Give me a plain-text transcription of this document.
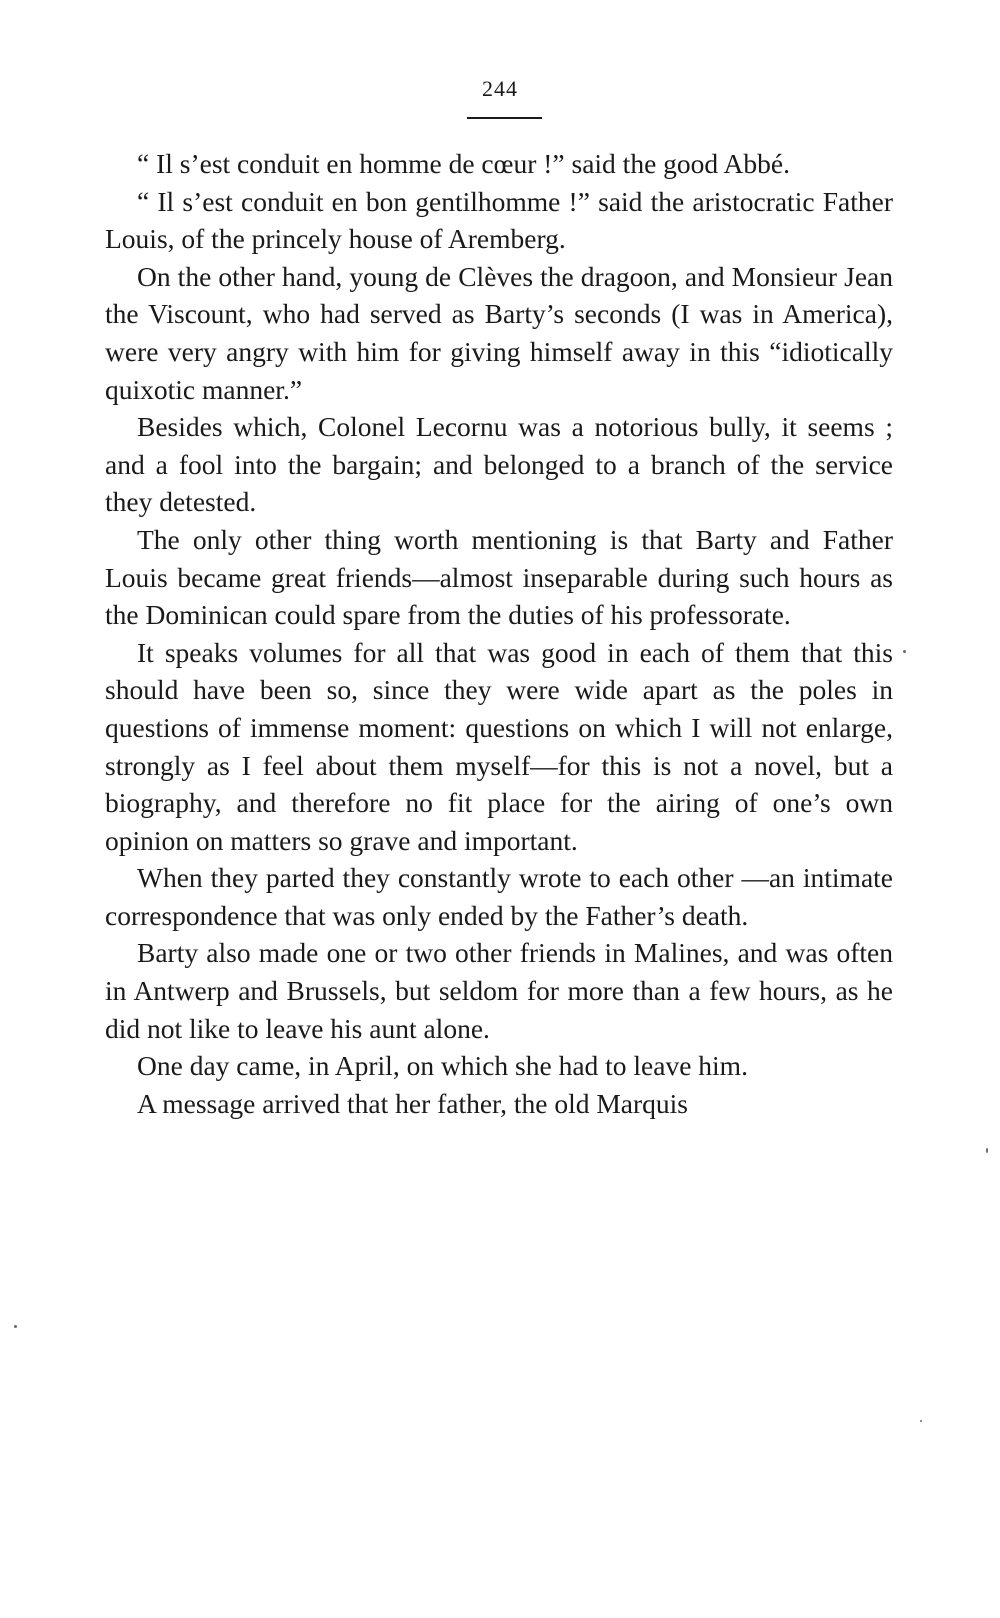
244

“ Il s’est conduit en homme de cœur !” said the good Abbé.

“ Il s’est conduit en bon gentilhomme !” said the aristocratic Father Louis, of the princely house of Aremberg.

On the other hand, young de Clèves the dragoon, and Monsieur Jean the Viscount, who had served as Barty’s seconds (I was in America), were very angry with him for giving himself away in this “idiotically quixotic manner.”

Besides which, Colonel Lecornu was a notorious bully, it seems ; and a fool into the bargain; and belonged to a branch of the service they detested.

The only other thing worth mentioning is that Barty and Father Louis became great friends—almost inseparable during such hours as the Dominican could spare from the duties of his professorate.

It speaks volumes for all that was good in each of them that this should have been so, since they were wide apart as the poles in questions of immense moment: questions on which I will not enlarge, strongly as I feel about them myself—for this is not a novel, but a biography, and therefore no fit place for the airing of one’s own opinion on matters so grave and important.

When they parted they constantly wrote to each other —an intimate correspondence that was only ended by the Father’s death.

Barty also made one or two other friends in Malines, and was often in Antwerp and Brussels, but seldom for more than a few hours, as he did not like to leave his aunt alone.

One day came, in April, on which she had to leave him.

A message arrived that her father, the old Marquis
